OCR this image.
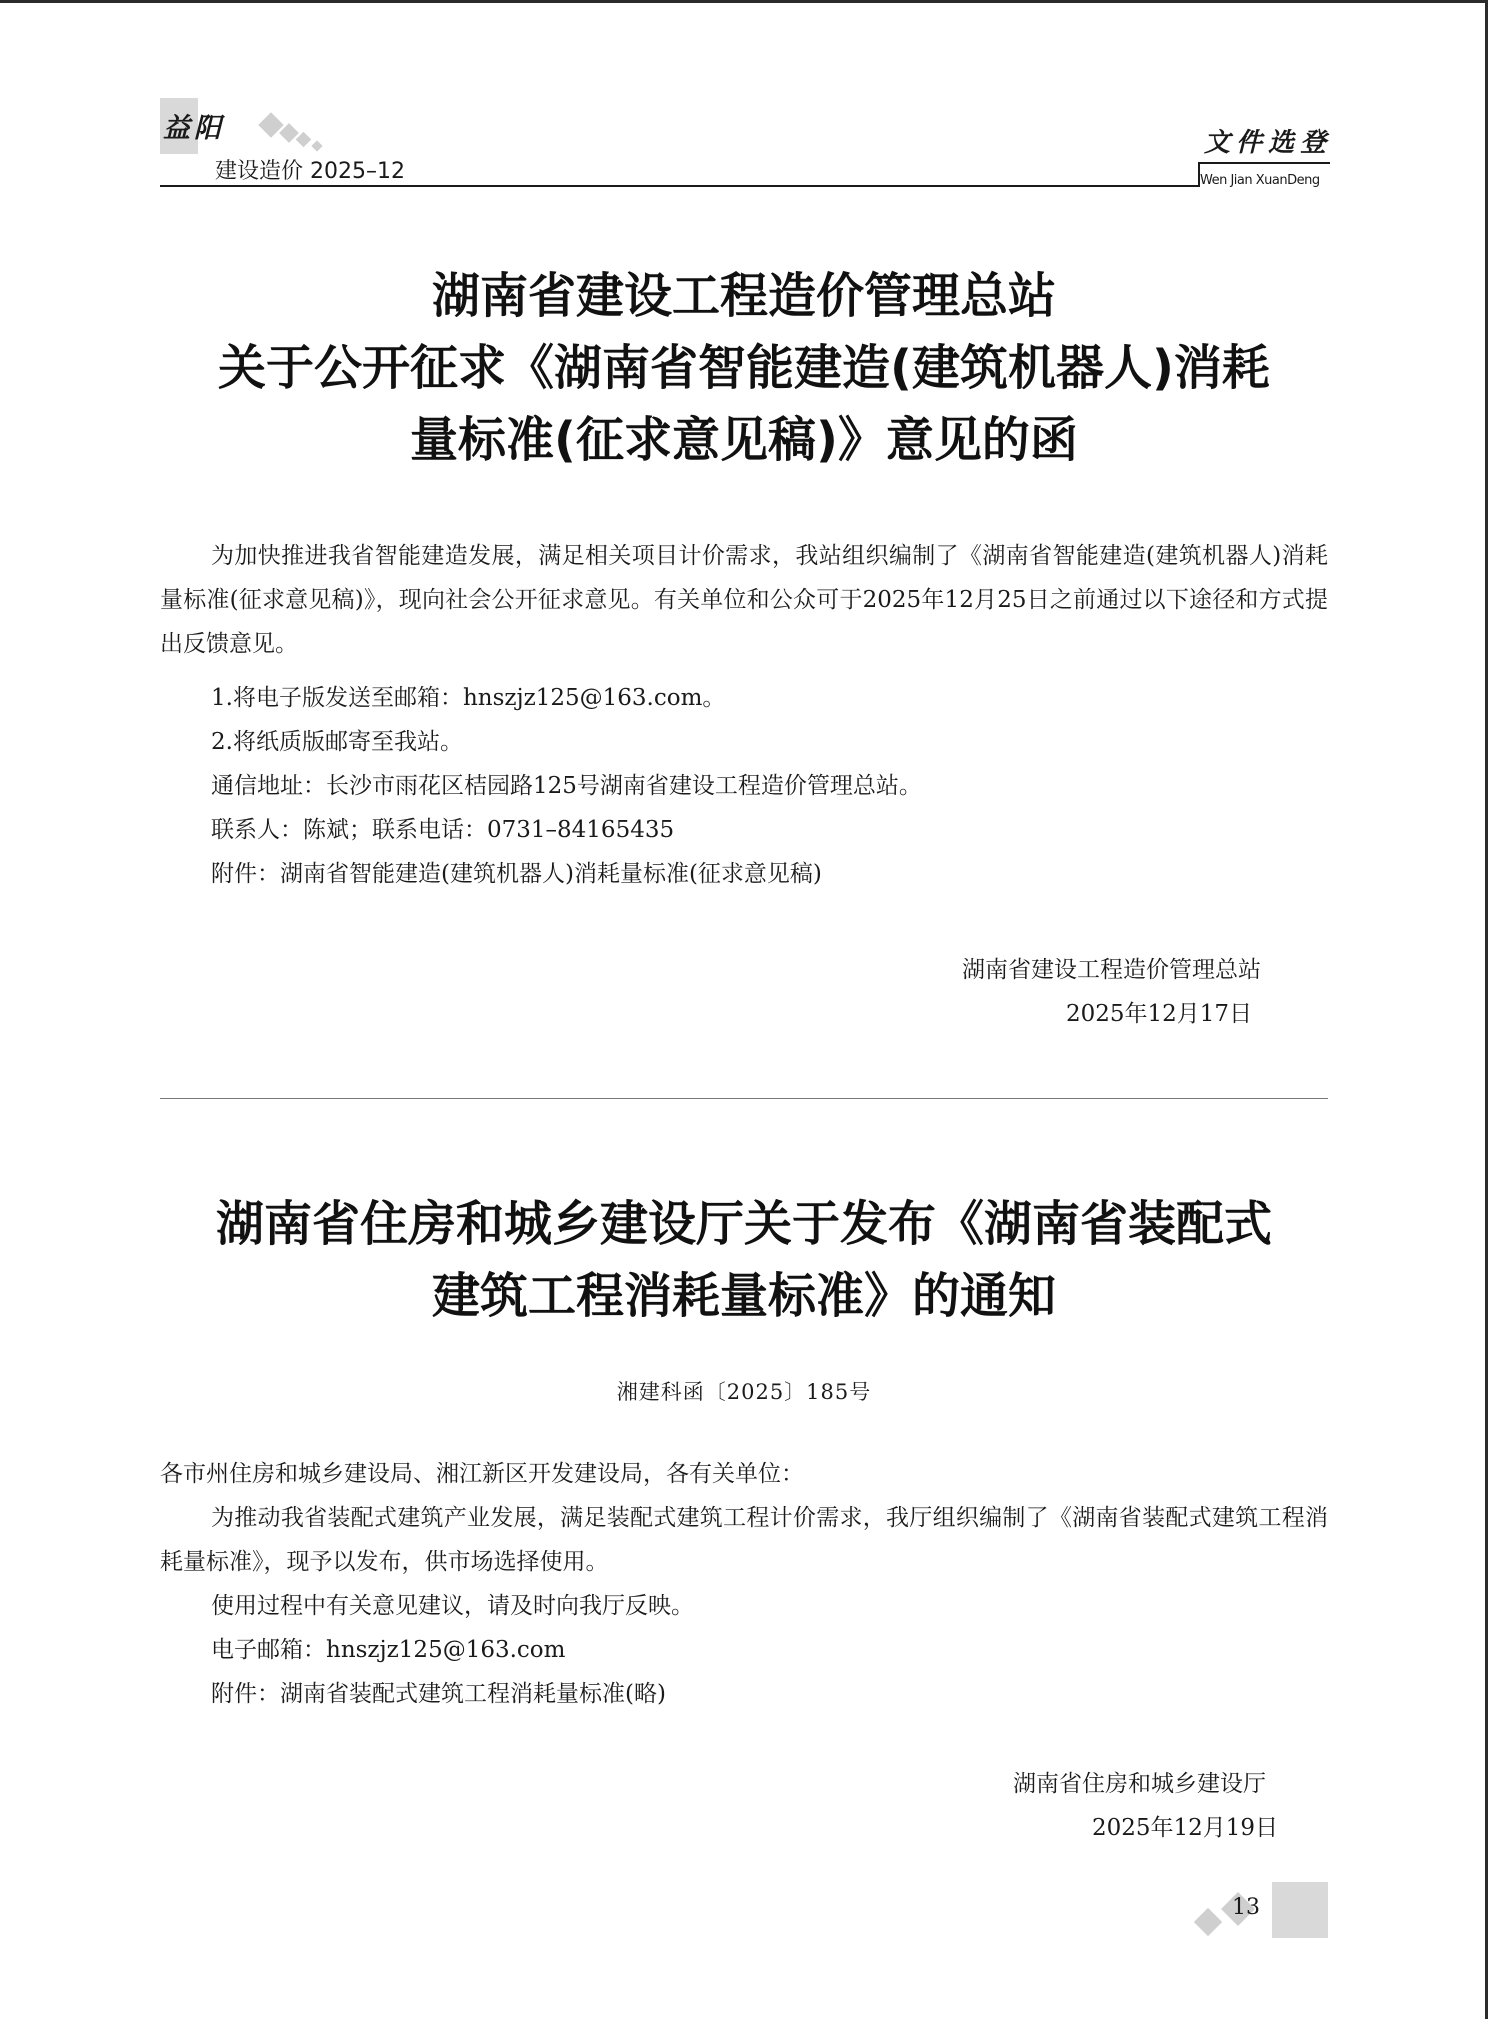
益阳
建设造价 2025–12
文件选登
Wen Jian XuanDeng
湖南省建设工程造价管理总站
关于公开征求《湖南省智能建造(建筑机器人)消耗
量标准(征求意见稿)》意见的函

为加快推进我省智能建造发展，满足相关项目计价需求，我站组织编制了《湖南省智能建造(建筑机器人)消耗量标准(征求意见稿)》，现向社会公开征求意见。有关单位和公众可于2025年12月25日之前通过以下途径和方式提出反馈意见。

1.将电子版发送至邮箱：hnszjz125@163.com。
2.将纸质版邮寄至我站。
通信地址：长沙市雨花区桔园路125号湖南省建设工程造价管理总站。
联系人：陈斌；联系电话：0731–84165435
附件：湖南省智能建造(建筑机器人)消耗量标准(征求意见稿)
湖南省建设工程造价管理总站
2025年12月17日
湖南省住房和城乡建设厅关于发布《湖南省装配式
建筑工程消耗量标准》的通知
湘建科函〔2025〕185号

各市州住房和城乡建设局、湘江新区开发建设局，各有关单位：

为推动我省装配式建筑产业发展，满足装配式建筑工程计价需求，我厅组织编制了《湖南省装配式建筑工程消耗量标准》，现予以发布，供市场选择使用。

使用过程中有关意见建议，请及时向我厅反映。
电子邮箱：hnszjz125@163.com
附件：湖南省装配式建筑工程消耗量标准(略)
湖南省住房和城乡建设厅
2025年12月19日
13
